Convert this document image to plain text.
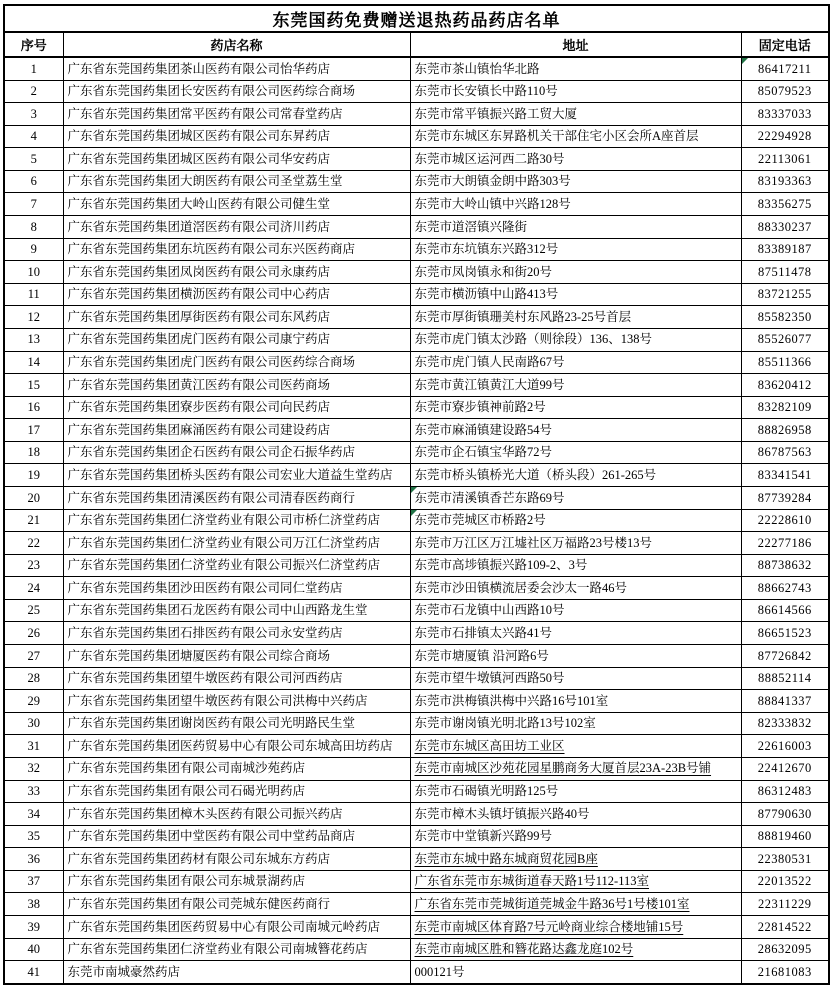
东莞国药免费赠送退热药品药店名单			
序号	药店名称	地址	固定电话
1	广东省东莞国药集团茶山医药有限公司怡华药店	东莞市茶山镇怡华北路	86417211

2	广东省东莞国药集团长安医药有限公司医药综合商场	东莞市长安镇长中路110号	85079523
3	广东省东莞国药集团常平医药有限公司常春堂药店	东莞市常平镇振兴路工贸大厦	83337033
4	广东省东莞国药集团城区医药有限公司东昇药店	东莞市东城区东昇路机关干部住宅小区会所A座首层	22294928
5	广东省东莞国药集团城区医药有限公司华安药店	东莞市城区运河西二路30号	22113061
6	广东省东莞国药集团大朗医药有限公司圣堂荔生堂	东莞市大朗镇金朗中路303号	83193363
7	广东省东莞国药集团大岭山医药有限公司健生堂	东莞市大岭山镇中兴路128号	83356275
8	广东省东莞国药集团道滘医药有限公司济川药店	东莞市道滘镇兴隆街	88330237
9	广东省东莞国药集团东坑医药有限公司东兴医药商店	东莞市东坑镇东兴路312号	83389187
10	广东省东莞国药集团凤岗医药有限公司永康药店	东莞市凤岗镇永和街20号	87511478
11	广东省东莞国药集团横沥医药有限公司中心药店	东莞市横沥镇中山路413号	83721255
12	广东省东莞国药集团厚街医药有限公司东风药店	东莞市厚街镇珊美村东风路23-25号首层	85582350
13	广东省东莞国药集团虎门医药有限公司康宁药店	东莞市虎门镇太沙路（则徐段）136、138号	85526077
14	广东省东莞国药集团虎门医药有限公司医药综合商场	东莞市虎门镇人民南路67号	85511366
15	广东省东莞国药集团黄江医药有限公司医药商场	东莞市黄江镇黄江大道99号	83620412
16	广东省东莞国药集团寮步医药有限公司向民药店	东莞市寮步镇神前路2号	83282109
17	广东省东莞国药集团麻涌医药有限公司建设药店	东莞市麻涌镇建设路54号	88826958
18	广东省东莞国药集团企石医药有限公司企石振华药店	东莞市企石镇宝华路72号	86787563
19	广东省东莞国药集团桥头医药有限公司宏业大道益生堂药店	东莞市桥头镇桥光大道（桥头段）261-265号	83341541
20	广东省东莞国药集团清溪医药有限公司清春医药商行	东莞市清溪镇香芒东路69号	87739284
21	广东省东莞国药集团仁济堂药业有限公司市桥仁济堂药店	东莞市莞城区市桥路2号	22228610
22	广东省东莞国药集团仁济堂药业有限公司万江仁济堂药店	东莞市万江区万江墟社区万福路23号楼13号	22277186
23	广东省东莞国药集团仁济堂药业有限公司振兴仁济堂药店	东莞市高埗镇振兴路109-2、3号	88738632
24	广东省东莞国药集团沙田医药有限公司同仁堂药店	东莞市沙田镇横流居委会沙太一路46号	88662743
25	广东省东莞国药集团石龙医药有限公司中山西路龙生堂	东莞市石龙镇中山西路10号	86614566
26	广东省东莞国药集团石排医药有限公司永安堂药店	东莞市石排镇太兴路41号	86651523
27	广东省东莞国药集团塘厦医药有限公司综合商场	东莞市塘厦镇 沿河路6号	87726842
28	广东省东莞国药集团望牛墩医药有限公司河西药店	东莞市望牛墩镇河西路50号	88852114
29	广东省东莞国药集团望牛墩医药有限公司洪梅中兴药店	东莞市洪梅镇洪梅中兴路16号101室	88841337
30	广东省东莞国药集团谢岗医药有限公司光明路民生堂	东莞市谢岗镇光明北路13号102室	82333832
31	广东省东莞国药集团医药贸易中心有限公司东城高田坊药店	东莞市东城区高田坊工业区	22616003
32	广东省东莞国药集团有限公司南城沙苑药店	东莞市南城区沙苑花园星鹏商务大厦首层23A-23B号铺	22412670
33	广东省东莞国药集团有限公司石碣光明药店	东莞市石碣镇光明路125号	86312483
34	广东省东莞国药集团樟木头医药有限公司振兴药店	东莞市樟木头镇圩镇振兴路40号	87790630
35	广东省东莞国药集团中堂医药有限公司中堂药品商店	东莞市中堂镇新兴路99号	88819460
36	广东省东莞国药集团药材有限公司东城东方药店	东莞市东城中路东城商贸花园B座	22380531
37	广东省东莞国药集团有限公司东城景湖药店	广东省东莞市东城街道春天路1号112-113室	22013522
38	广东省东莞国药集团有限公司莞城东健医药商行	广东省东莞市莞城街道莞城金牛路36号1号楼101室	22311229
39	广东省东莞国药集团医药贸易中心有限公司南城元岭药店	东莞市南城区体育路7号元岭商业综合楼地铺15号	22814522
40	广东省东莞国药集团仁济堂药业有限公司南城簪花药店	东莞市南城区胜和簪花路达鑫龙庭102号	28632095
41	东莞市南城豪然药店	000121号	21681083
